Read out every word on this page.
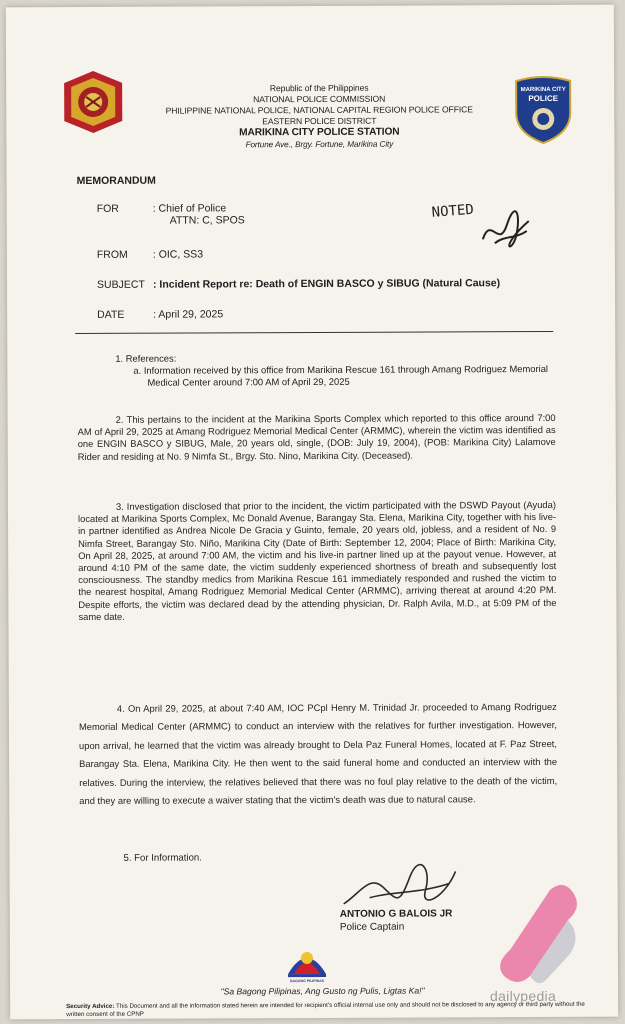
Republic of the Philippines
NATIONAL POLICE COMMISSION
PHILIPPINE NATIONAL POLICE, NATIONAL CAPITAL REGION POLICE OFFICE
EASTERN POLICE DISTRICT
MARIKINA CITY POLICE STATION
Fortune Ave., Brgy. Fortune, Marikina City
MARIKINA CITY
POLICE
MEMORANDUM
FOR	: Chief of Police
ATTN: C, SPOS	NOTED
FROM : OIC, SS3
SUBJECT : Incident Report re: Death of ENGIN BASCO y SIBUG (Natural Cause)
DATE	: April 29, 2025
1. References:
a. Information received by this office from Marikina Rescue 161 through Amang Rodriguez Memorial Medical Center around 7:00 AM of April 29, 2025

2. This pertains to the incident at the Marikina Sports Complex which reported to this office around 7:00 AM of April 29, 2025 at Amang Rodriguez Memorial Medical Center (ARMMC), wherein the victim was identified as one ENGIN BASCO y SIBUG, Male, 20 years old, single, (DOB: July 19, 2004), (POB: Marikina City) Lalamove Rider and residing at No. 9 Nimfa St., Brgy. Sto. Nino, Marikina City. (Deceased).

3. Investigation disclosed that prior to the incident, the victim participated with the DSWD Payout (Ayuda) located at Marikina Sports Complex, Mc Donald Avenue, Barangay Sta. Elena, Marikina City, together with his live-in partner identified as Andrea Nicole De Gracia y Guinto, female, 20 years old, jobless, and a resident of No. 9 Nimfa Street, Barangay Sto. Niño, Marikina City (Date of Birth: September 12, 2004; Place of Birth: Marikina City, On April 28, 2025, at around 7:00 AM, the victim and his live-in partner lined up at the payout venue. However, at around 4:10 PM of the same date, the victim suddenly experienced shortness of breath and subsequently lost consciousness. The standby medics from Marikina Rescue 161 immediately responded and rushed the victim to the nearest hospital, Amang Rodriguez Memorial Medical Center (ARMMC), arriving thereat at around 4:20 PM. Despite efforts, the victim was declared dead by the attending physician, Dr. Ralph Avila, M.D., at 5:09 PM of the same date.

4. On April 29, 2025, at about 7:40 AM, IOC PCpl Henry M. Trinidad Jr. proceeded to Amang Rodriguez Memorial Medical Center (ARMMC) to conduct an interview with the relatives for further investigation. However, upon arrival, he learned that the victim was already brought to Dela Paz Funeral Homes, located at F. Paz Street, Barangay Sta. Elena, Marikina City. He then went to the said funeral home and conducted an interview with the relatives. During the interview, the relatives believed that there was no foul play relative to the death of the victim, and they are willing to execute a waiver stating that the victim's death was due to natural cause.

5. For Information.
ANTONIO G BALOIS JR
Police Captain
BAGONG PILIPINAS
"Sa Bagong Pilipinas, Ang Gusto ng Pulis, Ligtas Ka!"
Security Advice: This Document and all the information stated herein are intended for recipient's official internal use only and should not be disclosed to any agency or third party without the written consent of the CPNP
dailypedia
